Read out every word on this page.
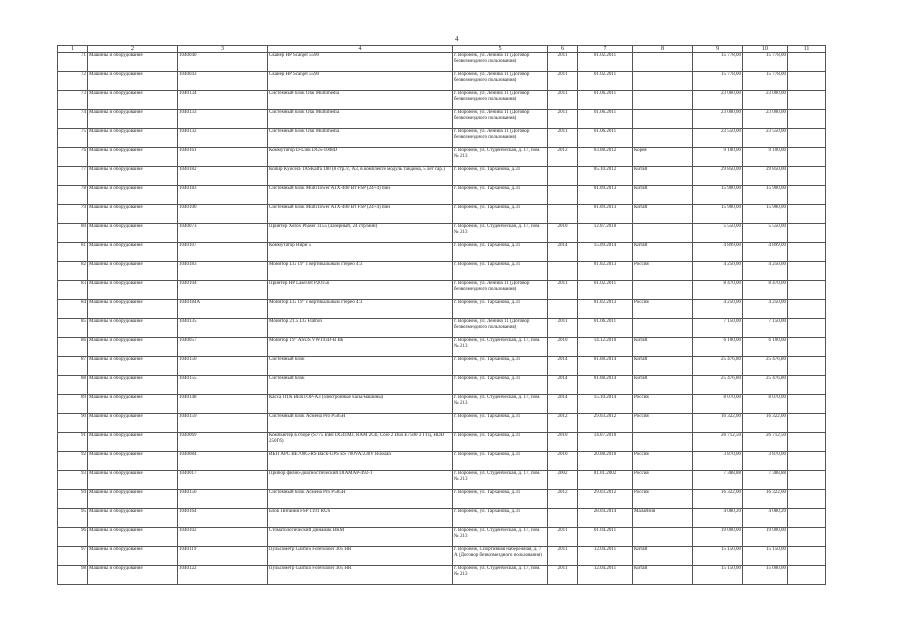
4
1	2	3	4	5	6	7	8	9	10	11
71	Машины и оборудование	1040040	Сканер HP Scanjet 5590	г. Воронеж, ул. Ленина 11 (Договор безвозмездного пользования)	2011	01.02.2011		15 778,00	15 778,00	
72	Машины и оборудование	1040043	Сканер HP Scanjet 5590	г. Воронеж, ул. Ленина 11 (Договор безвозмездного пользования)	2011	01.02.2011		15 778,00	15 778,00	
73	Машины и оборудование	1040134	Системный блок Olai Multimedia	г. Воронеж, ул. Ленина 11 (Договор безвозмездного пользования)	2011	01.06.2011		23 000,00	23 000,00	
74	Машины и оборудование	1040133	Системный блок Olai Multimedia	г. Воронеж, ул. Ленина 11 (Договор безвозмездного пользования)	2011	01.06.2011		23 000,00	23 000,00	
75	Машины и оборудование	1040132	Системный блок Olai Multimedia	г. Воронеж, ул. Ленина 11 (Договор безвозмездного пользования)	2011	01.06.2011		23 550,00	23 550,00	
76	Машины и оборудование	1040161	Коммутатор D-Link DGS-1008D	г. Воронеж, ул. Студенческая, д. 17, пом. № 213	2012	03.08.2012	Корея	9 100,00	9 100,00	
77	Машины и оборудование	1040182	Копир Kyocera TASKalfa 180 (8 стр./с, А3, в комплекте модуль тандема, 5 лет гар.)	г. Воронеж, ул. Тарханова, д.31		05.10.2012	Китай	29 850,00	29 850,00	
78	Машины и оборудование	1040183	Системный блок MultiTower ATX-400 Вт FSP (24+4) пин	г. Воронеж, ул. Тарханова, д.31		01.09.2013	Китай	15 900,00	15 900,00	
79	Машины и оборудование	1040100	Системный блок MultiTower ATX-400 Вт FSP (24+4) пин	г. Воронеж, ул. Тарханова, д.31		01.09.2013	Китай	15 900,00	15 900,00	
80	Машины и оборудование	1040073	Принтер Xerox Phaser 3155 (лазерный, 24 стр/мин)	г. Воронеж, ул. Студенческая, д. 17, пом. № 213	2010	12.07.2010		5 550,00	5 550,00	
81	Машины и оборудование	1040107	Коммутатор Нири 5	г. Воронеж, ул. Тарханова, д.31	2014	15.09.2014	Китай	4 899,00	4 899,00	
82	Машины и оборудование	1040183	Монитор LG 19" с вертикальным стерео 4:3	г. Воронеж, ул. Тарханова, д.31		01.02.2013	Россия	4 250,00	4 250,00	
83	Машины и оборудование	1040104	Принтер HP LaserJet P2015n	г. Воронеж, ул. Ленина 11 (Договор безвозмездного пользования)	2011	01.02.2011		8 470,00	8 470,00	
84	Машины и оборудование	1040184А	Монитор LG 19" с вертикальным стерео 4:3	г. Воронеж, ул. Тарханова, д.31		01.02.2013	Россия	4 250,00	4 250,00	
85	Машины и оборудование	1040135	Монитор 21.5 LG Flatron	г. Воронеж, ул. Ленина 11 (Договор безвозмездного пользования)	2011	01.06.2011		7 150,00	7 150,00	
86	Машины и оборудование	1040057	Монитор 19" ASUS VW193D-B Bk	г. Воронеж, ул. Студенческая, д. 17, пом. № 213	2010	14.12.2010	Китай	6 100,00	6 100,00	
87	Машины и оборудование	1040150	Системный блок	г. Воронеж, ул. Тарханова, д.31	2014	01.08.2014	Китай	25 476,80	25 476,80	
88	Машины и оборудование	1040155	Системный блок	г. Воронеж, ул. Тарханова, д.31	2014	01.08.2014	Китай	25 476,80	25 476,80	
89	Машины и оборудование	1040148	Касса ПТК ВЕКТОР-А3 (электронные часы/машины)	г. Воронеж, ул. Студенческая, д. 17, пом. № 213	2014	15.10.2014	Россия	8 070,00	8 070,00	
90	Машины и оборудование	1040159	Системный блок Асмена Pro P585Н	г. Воронеж, ул. Тарханова, д.31	2012	29.03.2012	Россия	16 322,00	16 322,00	
91	Машины и оборудование	1040069	Компьютер в сборе (S775 Intel DG41MJ, RAM 2Gb, Core 2 Duo E7500 3 ГГц, HDD 250Гб)	г. Воронеж, ул. Тарханова, д.31	2010	14.07.2010		26 712,50	26 712,50	
92	Машины и оборудование	1040084	ИБП APC BE700G-RS Back-UPS ES 700VA/230V Russian	г. Воронеж, ул. Тарханова, д.31	2010	20.08.2010	Россия	3 870,00	3 870,00	
93	Машины и оборудование	1040017	Прибор физио-диагностический DIAMAP-492-1	г. Воронеж, ул. Студенческая, д. 17, пом. № 213	2002	01.01.2002	Россия	7 388,88	7 388,88	
94	Машины и оборудование	1040156	Системный блок Асмена Pro P585Н	г. Воронеж, ул. Тарханова, д.31	2012	29.03.2012	Россия	16 322,00	16 322,00	
95	Машины и оборудование	1040164	Блок Питания FSP 1191 RUS	г. Воронеж, ул. Тарханова, д.31		28.04.2014	Малайзия	4 080,20	4 080,20	
96	Машины и оборудование	1040102	Стоматологический Динамик ВКМ	г. Воронеж, ул. Студенческая, д. 17, пом. № 213	2011	01.04.2011		19 000,00	19 000,00	
97	Машины и оборудование	1040119	Пульсометр Garmin Forerunner 305 HR	г. Воронеж, Спортивная набережная, д. 7 А (Договор безвозмездного пользования)	2011	12.04.2011	Китай	15 150,00	15 150,00	
98	Машины и оборудование	1040122	Пульсометр Garmin Forerunner 305 HR	г. Воронеж, ул. Студенческая, д. 17, пом. № 213	2011	12.04.2011	Китай	15 150,00	15 000,00	
